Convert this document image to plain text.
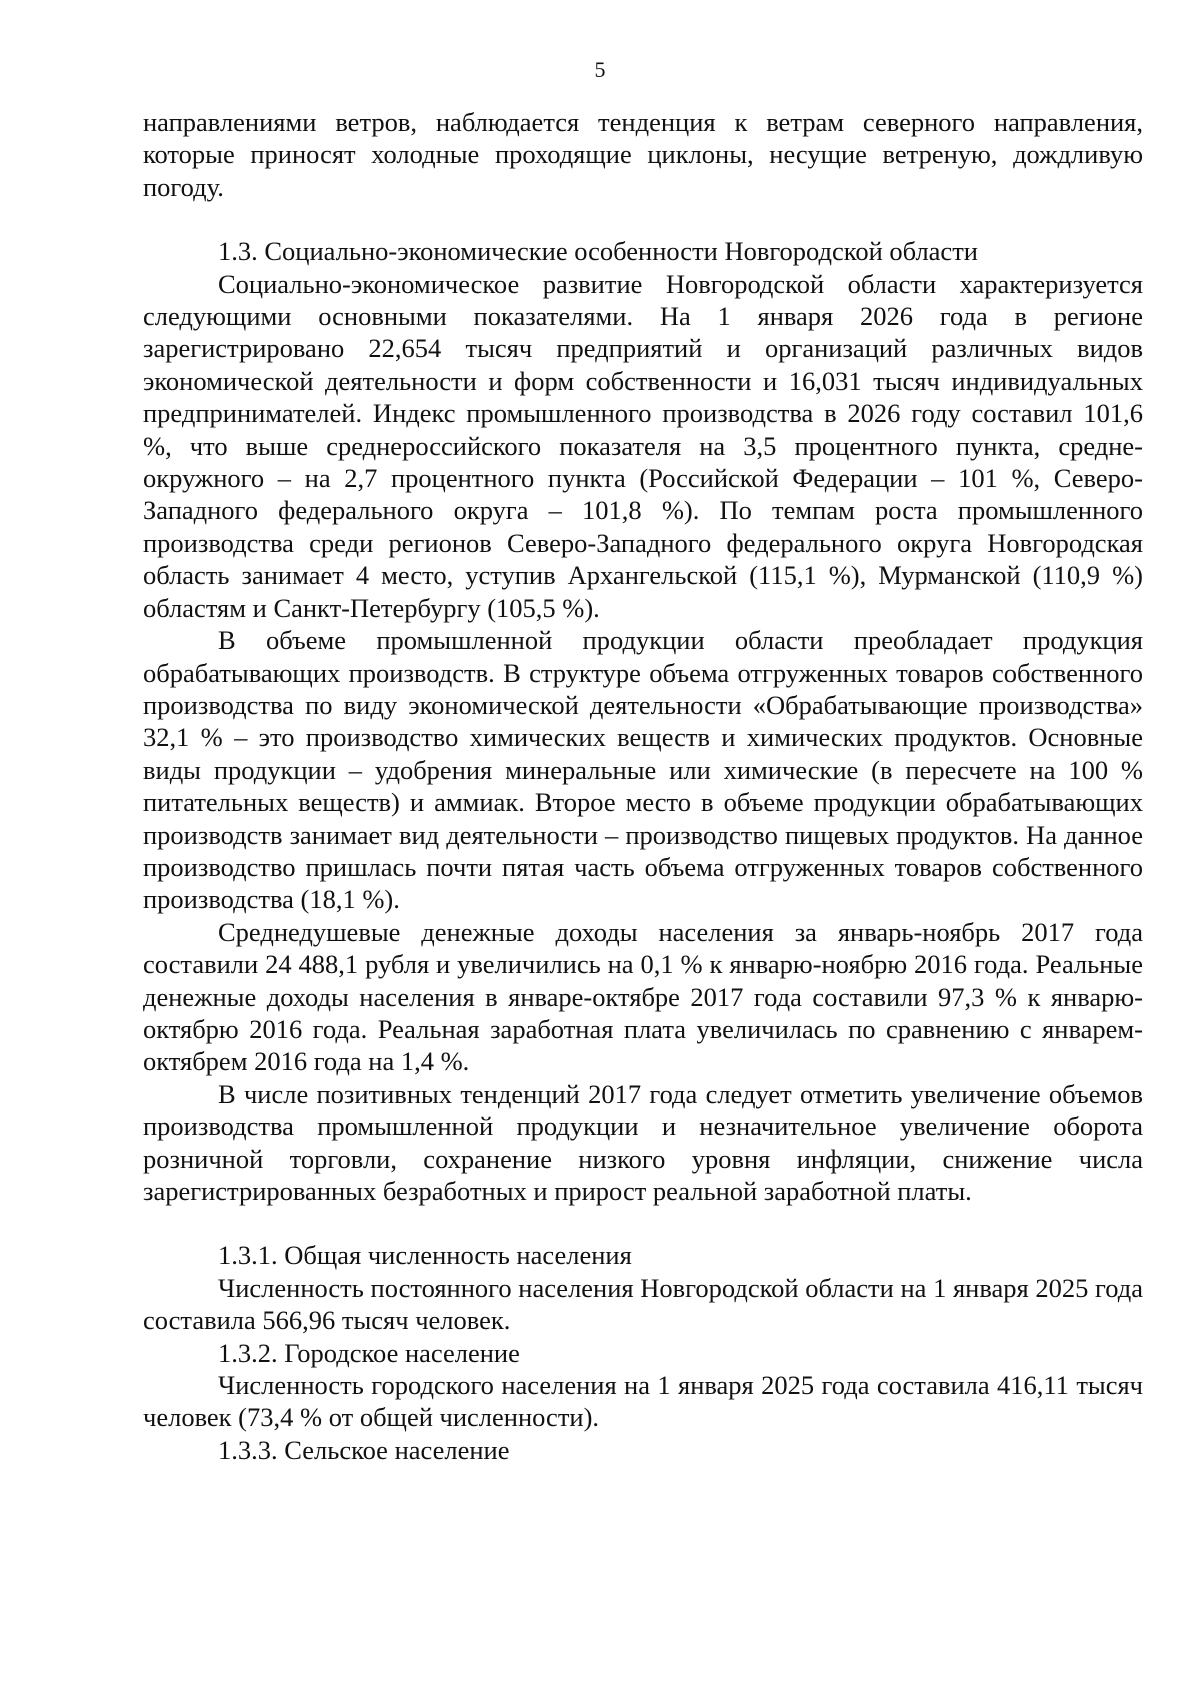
5

направлениями ветров, наблюдается тенденция к ветрам северного направления, которые приносят холодные проходящие циклоны, несущие ветреную, дождливую погоду.

1.3. Социально-экономические особенности Новгородской области

Социально-экономическое развитие Новгородской области характеризуется следующими основными показателями. На 1 января 2026 года в регионе зарегистрировано 22,654 тысяч предприятий и организаций различных видов экономической деятельности и форм собственности и 16,031 тысяч индивидуальных предпринимателей. Индекс промышленного производства в 2026 году составил 101,6 %, что выше среднероссийского показателя на 3,5 процентного пункта, средне-окружного – на 2,7 процентного пункта (Российской Федерации – 101 %, Северо-Западного федерального округа – 101,8 %). По темпам роста промышленного производства среди регионов Северо-Западного федерального округа Новгородская область занимает 4 место, уступив Архангельской (115,1 %), Мурманской (110,9 %) областям и Санкт-Петербургу (105,5 %).

В объеме промышленной продукции области преобладает продукция обрабатывающих производств. В структуре объема отгруженных товаров собственного производства по виду экономической деятельности «Обрабатывающие производства» 32,1 % – это производство химических веществ и химических продуктов. Основные виды продукции – удобрения минеральные или химические (в пересчете на 100 % питательных веществ) и аммиак. Второе место в объеме продукции обрабатывающих производств занимает вид деятельности – производство пищевых продуктов. На данное производство пришлась почти пятая часть объема отгруженных товаров собственного производства (18,1 %).

Среднедушевые денежные доходы населения за январь-ноябрь 2017 года составили 24 488,1 рубля и увеличились на 0,1 % к январю-ноябрю 2016 года. Реальные денежные доходы населения в январе-октябре 2017 года составили 97,3 % к январю-октябрю 2016 года. Реальная заработная плата увеличилась по сравнению с январем-октябрем 2016 года на 1,4 %.

В числе позитивных тенденций 2017 года следует отметить увеличение объемов производства промышленной продукции и незначительное увеличение оборота розничной торговли, сохранение низкого уровня инфляции, снижение числа зарегистрированных безработных и прирост реальной заработной платы.

1.3.1. Общая численность населения

Численность постоянного населения Новгородской области на 1 января 2025 года составила 566,96 тысяч человек.

1.3.2. Городское население

Численность городского населения на 1 января 2025 года составила 416,11 тысяч человек (73,4 % от общей численности).

1.3.3. Сельское население
